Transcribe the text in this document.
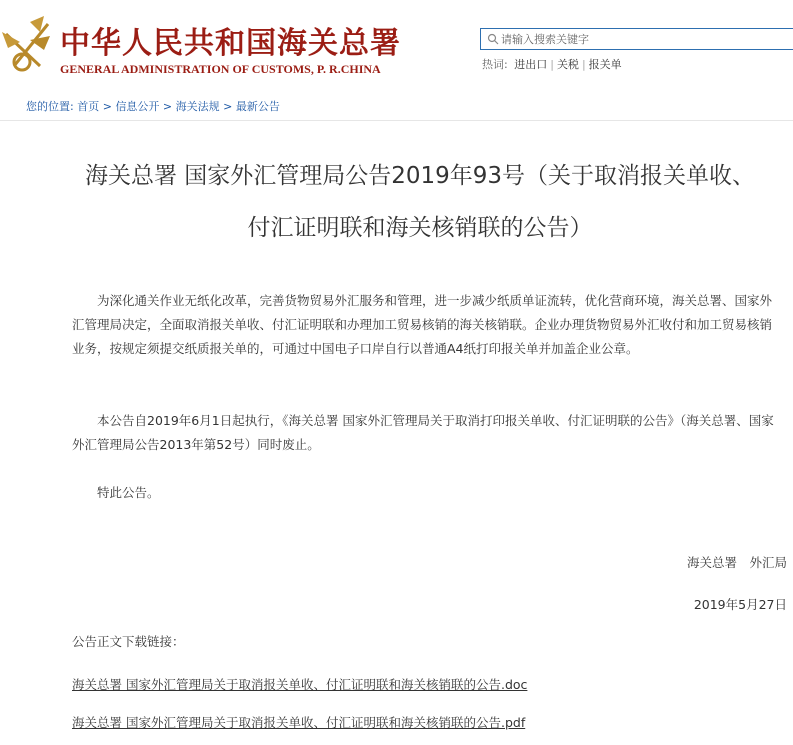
中华人民共和国海关总署
GENERAL ADMINISTRATION OF CUSTOMS, P. R.CHINA
请输入搜索关键字	热词: 进出口 | 关税 | 报关单
您的位置: 首页 > 信息公开 > 海关法规 > 最新公告
海关总署 国家外汇管理局公告2019年93号（关于取消报关单收、
付汇证明联和海关核销联的公告）
为深化通关作业无纸化改革，完善货物贸易外汇服务和管理，进一步减少纸质单证流转，优化营商环境，海关总署、国家外汇管理局决定，全面取消报关单收、付汇证明联和办理加工贸易核销的海关核销联。企业办理货物贸易外汇收付和加工贸易核销业务，按规定须提交纸质报关单的，可通过中国电子口岸自行以普通A4纸打印报关单并加盖企业公章。
本公告自2019年6月1日起执行，《海关总署 国家外汇管理局关于取消打印报关单收、付汇证明联的公告》（海关总署、国家外汇管理局公告2013年第52号）同时废止。
特此公告。
海关总署　外汇局
2019年5月27日
公告正文下载链接：
海关总署 国家外汇管理局关于取消报关单收、付汇证明联和海关核销联的公告.doc
海关总署 国家外汇管理局关于取消报关单收、付汇证明联和海关核销联的公告.pdf
